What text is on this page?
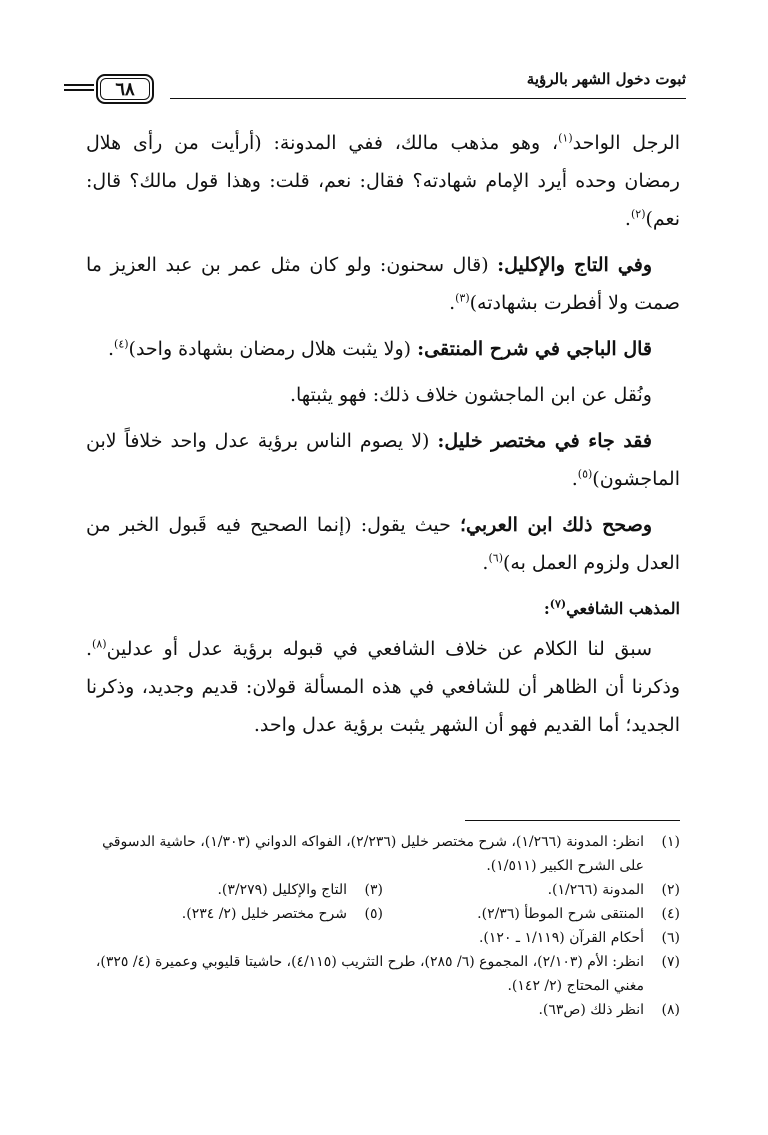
ثبوت دخول الشهر بالرؤية
٦٨

الرجل الواحد$^{(١)}$، وهو مذهب مالك، ففي المدونة: (أرأيت من رأى هلال رمضان وحده أيرد الإمام شهادته؟ فقال: نعم، قلت: وهذا قول مالك؟ قال: نعم)$^{(٢)}$.

وفي التاج والإكليل: (قال سحنون: ولو كان مثل عمر بن عبد العزيز ما صمت ولا أفطرت بشهادته)$^{(٣)}$.

قال الباجي في شرح المنتقى: (ولا يثبت هلال رمضان بشهادة واحد)$^{(٤)}$.

ونُقل عن ابن الماجشون خلاف ذلك: فهو يثبتها.

فقد جاء في مختصر خليل: (لا يصوم الناس برؤية عدل واحد خلافاً لابن الماجشون)$^{(٥)}$.

وصحح ذلك ابن العربي؛ حيث يقول: (إنما الصحيح فيه قَبول الخبر من العدل ولزوم العمل به)$^{(٦)}$.

المذهب الشافعي$^{(٧)}$:

سبق لنا الكلام عن خلاف الشافعي في قبوله برؤية عدل أو عدلين$^{(٨)}$. وذكرنا أن الظاهر أن للشافعي في هذه المسألة قولان: قديم وجديد، وذكرنا الجديد؛ أما القديم فهو أن الشهر يثبت برؤية عدل واحد.

(١)
انظر: المدونة (١/٢٦٦)، شرح مختصر خليل (٢/٢٣٦)، الفواكه الدواني (١/٣٠٣)، حاشية الدسوقي على الشرح الكبير (١/٥١١).
(٢)
المدونة (١/٢٦٦).
(٣)
التاج والإكليل (٣/٢٧٩).
(٤)
المنتقى شرح الموطأ (٢/٣٦).
(٥)
شرح مختصر خليل (٢/ ٢٣٤).
(٦)
أحكام القرآن (١/١١٩ ـ ١٢٠).
(٧)
انظر: الأم (٢/١٠٣)، المجموع (٦/ ٢٨٥)، طرح التثريب (٤/١١٥)، حاشيتا قليوبي وعميرة (٤/ ٣٢٥)، مغني المحتاج (٢/ ١٤٢).
(٨)
انظر ذلك (ص٦٣).
